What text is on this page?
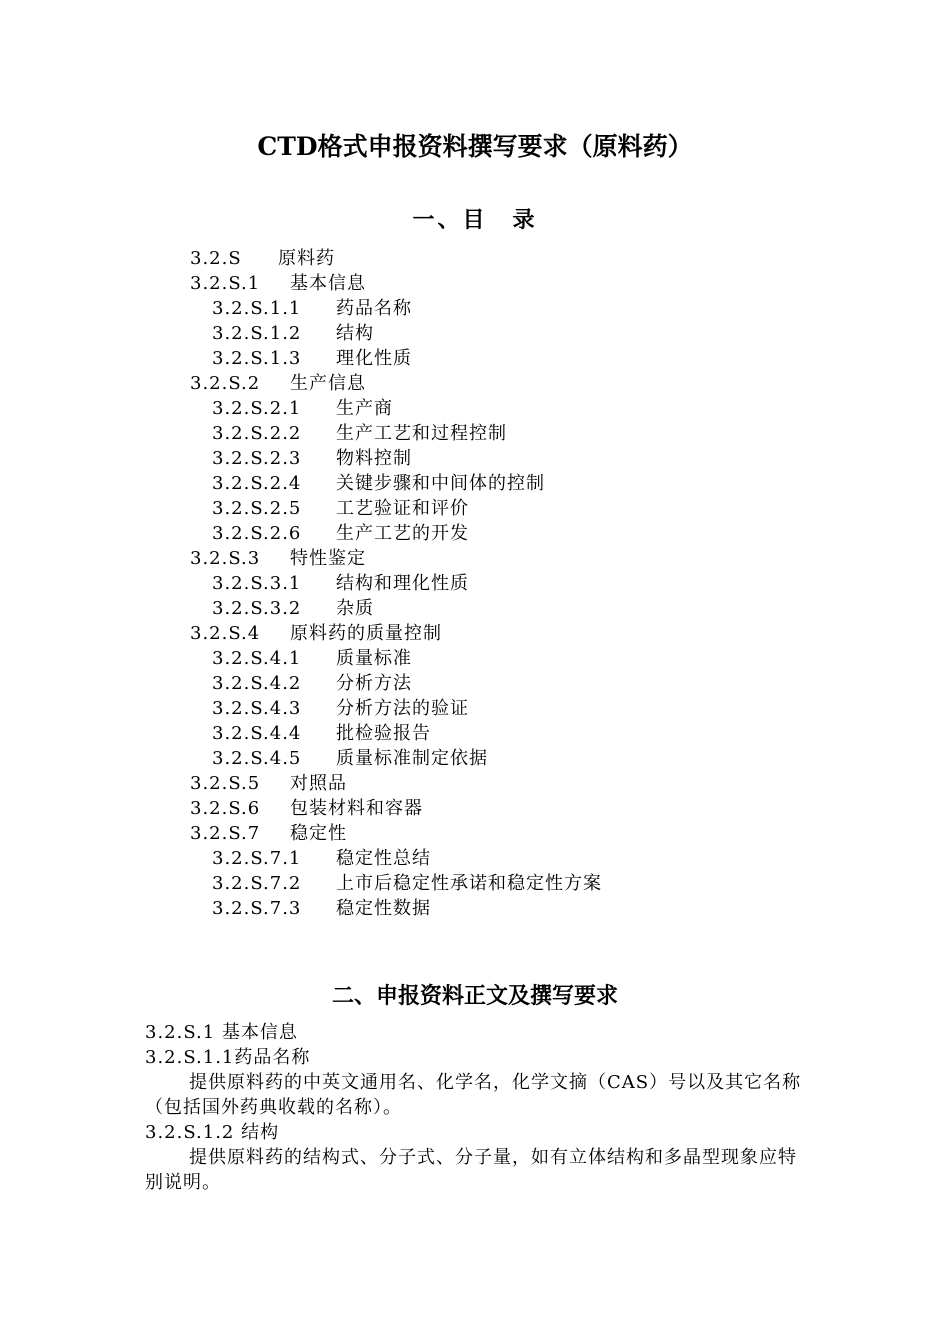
CTD格式申报资料撰写要求（原料药）
一、目　录
3.2.S 原料药
3.2.S.1 基本信息
3.2.S.1.1 药品名称
3.2.S.1.2 结构
3.2.S.1.3 理化性质
3.2.S.2 生产信息
3.2.S.2.1 生产商
3.2.S.2.2 生产工艺和过程控制
3.2.S.2.3 物料控制
3.2.S.2.4 关键步骤和中间体的控制
3.2.S.2.5 工艺验证和评价
3.2.S.2.6 生产工艺的开发
3.2.S.3 特性鉴定
3.2.S.3.1 结构和理化性质
3.2.S.3.2 杂质
3.2.S.4 原料药的质量控制
3.2.S.4.1 质量标准
3.2.S.4.2 分析方法
3.2.S.4.3 分析方法的验证
3.2.S.4.4 批检验报告
3.2.S.4.5 质量标准制定依据
3.2.S.5 对照品
3.2.S.6 包装材料和容器
3.2.S.7 稳定性
3.2.S.7.1 稳定性总结
3.2.S.7.2 上市后稳定性承诺和稳定性方案
3.2.S.7.3 稳定性数据
二、申报资料正文及撰写要求
3.2.S.1 基本信息
3.2.S.1.1药品名称

提供原料药的中英文通用名、化学名，化学文摘（CAS）号以及其它名称（包括国外药典收载的名称）。

3.2.S.1.2 结构

提供原料药的结构式、分子式、分子量，如有立体结构和多晶型现象应特别说明。
